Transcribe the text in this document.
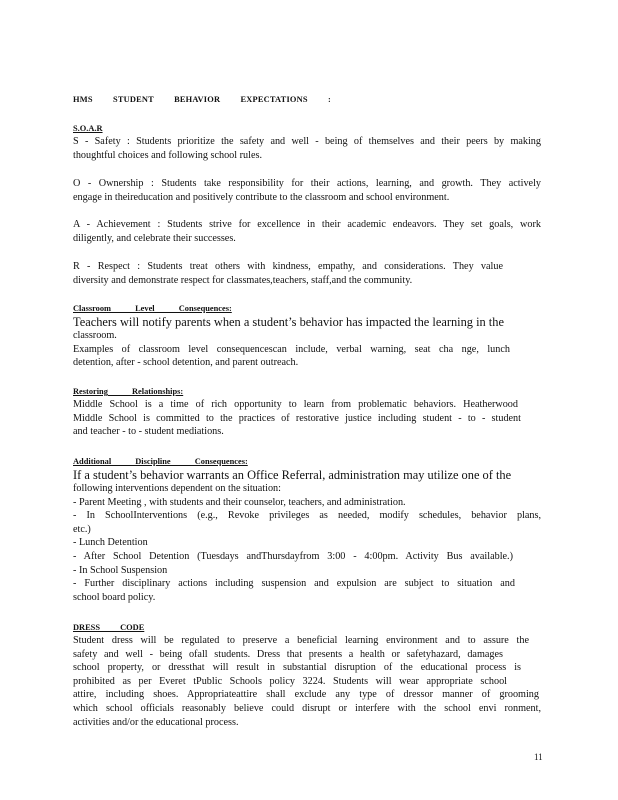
HMS STUDENT BEHAVIOR EXPECTATIONS :
S.O.A.R
S - Safety : Students prioritize the safety and well - being of themselves and their peers by making
thoughtful choices and following school rules.
O - Ownership : Students take responsibility for their actions, learning, and growth. They actively
engage in theireducation and positively contribute to the classroom and school environment.
A - Achievement : Students strive for excellence in their academic endeavors. They set goals, work
diligently, and celebrate their successes.
R - Respect : Students treat others with kindness, empathy, and considerations. They value
diversity and demonstrate respect for classmates,teachers, staff,and the community.
Classroom Level Consequences:
Teachers will notify parents when a student’s behavior has impacted the learning in the
classroom.
Examples of classroom level consequencescan include, verbal warning, seat cha nge, lunch
detention, after - school detention, and parent outreach.
Restoring Relationships:
Middle School is a time of rich opportunity to learn from problematic behaviors. Heatherwood
Middle School is committed to the practices of restorative justice including student - to - student
and teacher - to - student mediations.
Additional Discipline Consequences:
If a student’s behavior warrants an Office Referral, administration may utilize one of the
following interventions dependent on the situation:
- Parent Meeting , with students and their counselor, teachers, and administration.
- In SchoolInterventions (e.g., Revoke privileges as needed, modify schedules, behavior plans,
etc.)
- Lunch Detention
- After School Detention (Tuesdays andThursdayfrom 3:00 - 4:00pm. Activity Bus available.)
- In School Suspension
- Further disciplinary actions including suspension and expulsion are subject to situation and
school board policy.
DRESS CODE
Student dress will be regulated to preserve a beneficial learning environment and to assure the
safety and well - being ofall students. Dress that presents a health or safetyhazard, damages
school property, or dressthat will result in substantial disruption of the educational process is
prohibited as per Everet tPublic Schools policy 3224. Students will wear appropriate school
attire, including shoes. Appropriateattire shall exclude any type of dressor manner of grooming
which school officials reasonably believe could disrupt or interfere with the school envi ronment,
activities and/or the educational process.
11
